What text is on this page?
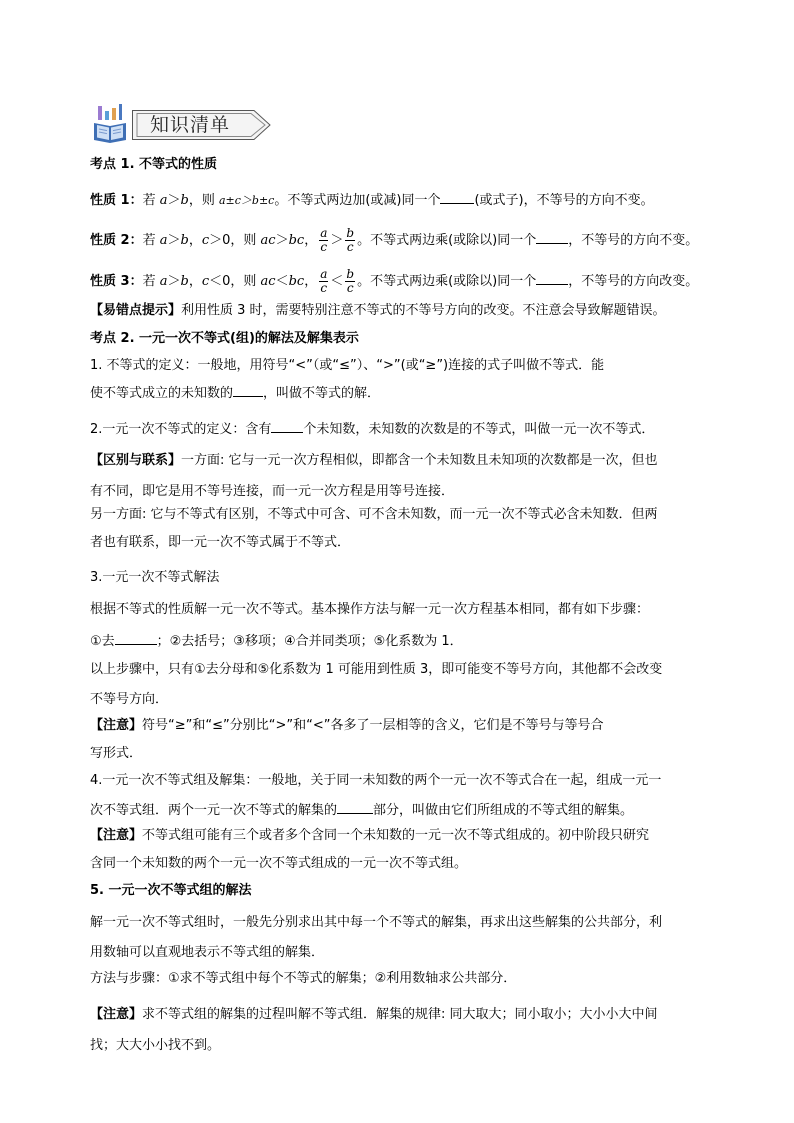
知识清单
考点 1. 不等式的性质
性质 1：若 a＞b，则 a±c＞b±c。不等式两边加(或减)同一个	(或式子)，不等号的方向不变。
性质 2：若 a＞b，c＞0，则 ac＞bc， $\frac{a}{c} > \frac{b}{c}$ 。不等式两边乘(或除以)同一个 ，不等号的方向不变。
性质 3：若 a＞b，c＜0，则 ac＜bc， $\frac{a}{c} < \frac{b}{c}$ 。不等式两边乘(或除以)同一个 ，不等号的方向改变。
【易错点提示】利用性质 3 时，需要特别注意不等式的不等号方向的改变。不注意会导致解题错误。
考点 2. 一元一次不等式(组)的解法及解集表示
1. 不等式的定义：一般地，用符号“<”（或“≤”）、“>”(或“≥”)连接的式子叫做不等式．能
使不等式成立的未知数的 ，叫做不等式的解．
2.一元一次不等式的定义：含有 个未知数，未知数的次数是的不等式，叫做一元一次不等式．
【区别与联系】一方面: 它与一元一次方程相似，即都含一个未知数且未知项的次数都是一次，但也
有不同，即它是用不等号连接，而一元一次方程是用等号连接．
另一方面: 它与不等式有区别，不等式中可含、可不含未知数，而一元一次不等式必含未知数．但两
者也有联系，即一元一次不等式属于不等式．
3.一元一次不等式解法
根据不等式的性质解一元一次不等式。基本操作方法与解一元一次方程基本相同，都有如下步骤：
①去	；②去括号；③移项；④合并同类项；⑤化系数为 1．
以上步骤中，只有①去分母和⑤化系数为 1 可能用到性质 3，即可能变不等号方向，其他都不会改变
不等号方向．
【注意】符号“≥”和“≤”分别比“>”和“<”各多了一层相等的含义，它们是不等号与等号合
写形式．
4.一元一次不等式组及解集：一般地，关于同一未知数的两个一元一次不等式合在一起，组成一元一
次不等式组．两个一元一次不等式的解集的	部分，叫做由它们所组成的不等式组的解集。
【注意】不等式组可能有三个或者多个含同一个未知数的一元一次不等式组成的。初中阶段只研究
含同一个未知数的两个一元一次不等式组成的一元一次不等式组。
5. 一元一次不等式组的解法
解一元一次不等式组时，一般先分别求出其中每一个不等式的解集，再求出这些解集的公共部分，利
用数轴可以直观地表示不等式组的解集．
方法与步骤：①求不等式组中每个不等式的解集；②利用数轴求公共部分．
【注意】求不等式组的解集的过程叫解不等式组．解集的规律: 同大取大；同小取小；大小小大中间
找；大大小小找不到。
